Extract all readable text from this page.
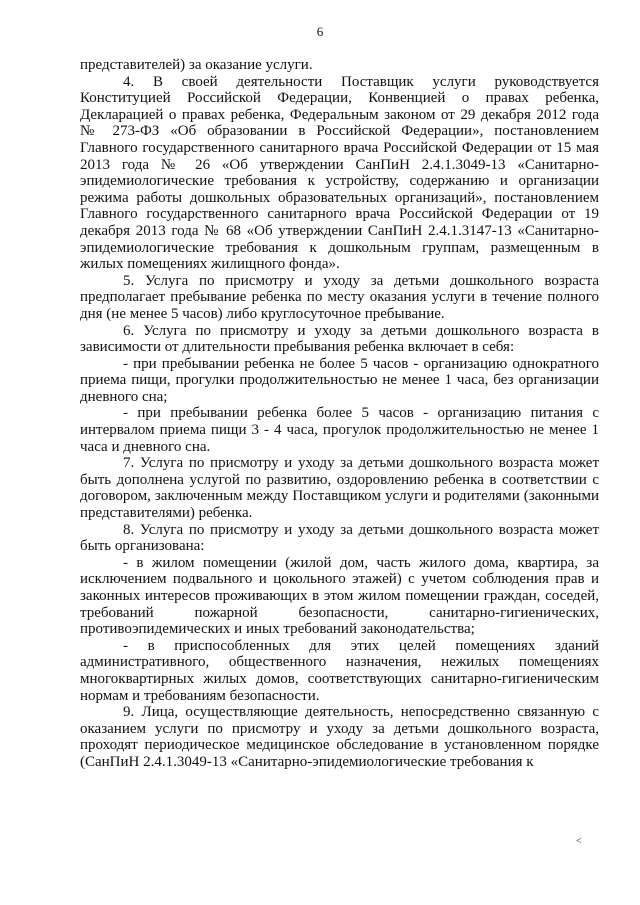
6

представителей) за оказание услуги.

4. В своей деятельности Поставщик услуги руководствуется Конституцией Российской Федерации, Конвенцией о правах ребенка, Декларацией о правах ребенка, Федеральным законом от 29 декабря 2012 года № 273-ФЗ «Об образовании в Российской Федерации», постановлением Главного государственного санитарного врача Российской Федерации от 15 мая 2013 года № 26 «Об утверждении СанПиН 2.4.1.3049-13 «Санитарно-эпидемиологические требования к устройству, содержанию и организации режима работы дошкольных образовательных организаций», постановлением Главного государственного санитарного врача Российской Федерации от 19 декабря 2013 года № 68 «Об утверждении СанПиН 2.4.1.3147-13 «Санитарно-эпидемиологические требования к дошкольным группам, размещенным в жилых помещениях жилищного фонда».

5. Услуга по присмотру и уходу за детьми дошкольного возраста предполагает пребывание ребенка по месту оказания услуги в течение полного дня (не менее 5 часов) либо круглосуточное пребывание.

6. Услуга по присмотру и уходу за детьми дошкольного возраста в зависимости от длительности пребывания ребенка включает в себя:

- при пребывании ребенка не более 5 часов - организацию однократного приема пищи, прогулки продолжительностью не менее 1 часа, без организации дневного сна;

- при пребывании ребенка более 5 часов - организацию питания с интервалом приема пищи 3 - 4 часа, прогулок продолжительностью не менее 1 часа и дневного сна.

7. Услуга по присмотру и уходу за детьми дошкольного возраста может быть дополнена услугой по развитию, оздоровлению ребенка в соответствии с договором, заключенным между Поставщиком услуги и родителями (законными представителями) ребенка.

8. Услуга по присмотру и уходу за детьми дошкольного возраста может быть организована:

- в жилом помещении (жилой дом, часть жилого дома, квартира, за исключением подвального и цокольного этажей) с учетом соблюдения прав и законных интересов проживающих в этом жилом помещении граждан, соседей, требований пожарной безопасности, санитарно-гигиенических, противоэпидемических и иных требований законодательства;

- в приспособленных для этих целей помещениях зданий административного, общественного назначения, нежилых помещениях многоквартирных жилых домов, соответствующих санитарно-гигиеническим нормам и требованиям безопасности.

9. Лица, осуществляющие деятельность, непосредственно связанную с оказанием услуги по присмотру и уходу за детьми дошкольного возраста, проходят периодическое медицинское обследование в установленном порядке (СанПиН 2.4.1.3049-13 «Санитарно-эпидемиологические требования к

<
